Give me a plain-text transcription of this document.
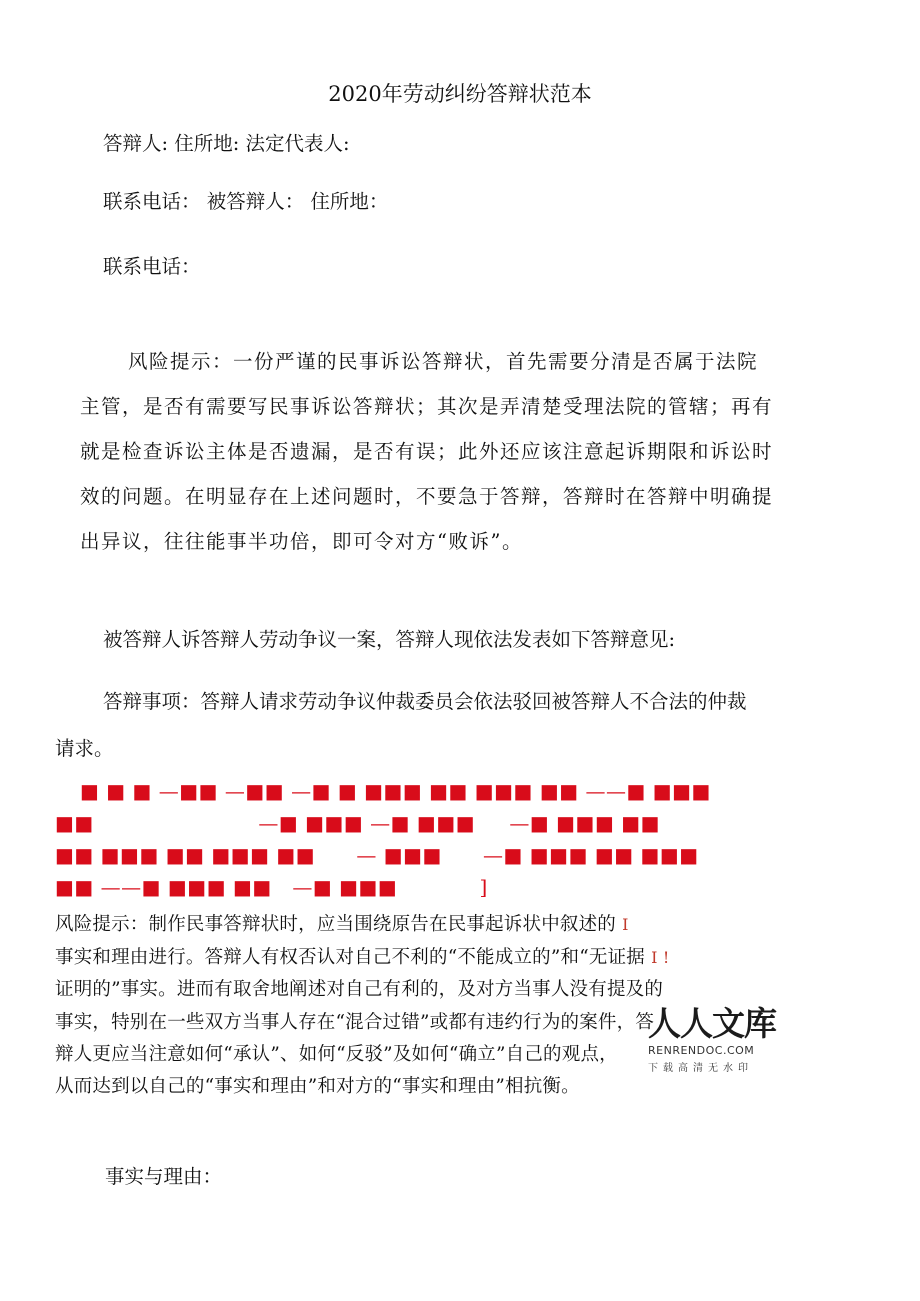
2020年劳动纠纷答辩状范本

答辩人: 住所地: 法定代表人:

联系电话： 被答辩人： 住所地：

联系电话：

风险提示：一份严谨的民事诉讼答辩状，首先需要分清是否属于法院

主管，是否有需要写民事诉讼答辩状；其次是弄清楚受理法院的管辖；再有

就是检查诉讼主体是否遗漏，是否有误；此外还应该注意起诉期限和诉讼时

效的问题。在明显存在上述问题时，不要急于答辩，答辩时在答辩中明确提

出异议，往往能事半功倍，即可令对方“败诉”。

被答辩人诉答辩人劳动争议一案，答辩人现依法发表如下答辩意见:

答辩事项：答辩人请求劳动争议仲裁委员会依法驳回被答辩人不合法的仲裁

请求。

■ ■ ■ —■■ —■■ —■ ■ ■■■ ■■ ■■■ ■■ ——■ ■■■
■■                        —■ ■■■ —■ ■■■     —■ ■■■ ■■
■■ ■■■ ■■ ■■■ ■■      — ■■■      —■ ■■■ ■■ ■■■
■■ ——■ ■■■ ■■   —■ ■■■            ]

风险提示：制作民事答辩状时，应当围绕原告在民事起诉状中叙述的 I

事实和理由进行。答辩人有权否认对自己不利的“不能成立的”和“无证据 I !

证明的”事实。进而有取舍地阐述对自己有利的，及对方当事人没有提及的

事实，特别在一些双方当事人存在“混合过错”或都有违约行为的案件，答

辩人更应当注意如何“承认”、如何“反驳”及如何“确立”自己的观点，

从而达到以自己的“事实和理由”和对方的“事实和理由”相抗衡。

人人文库
RENRENDOC.COM
下载高清无水印

事实与理由：
